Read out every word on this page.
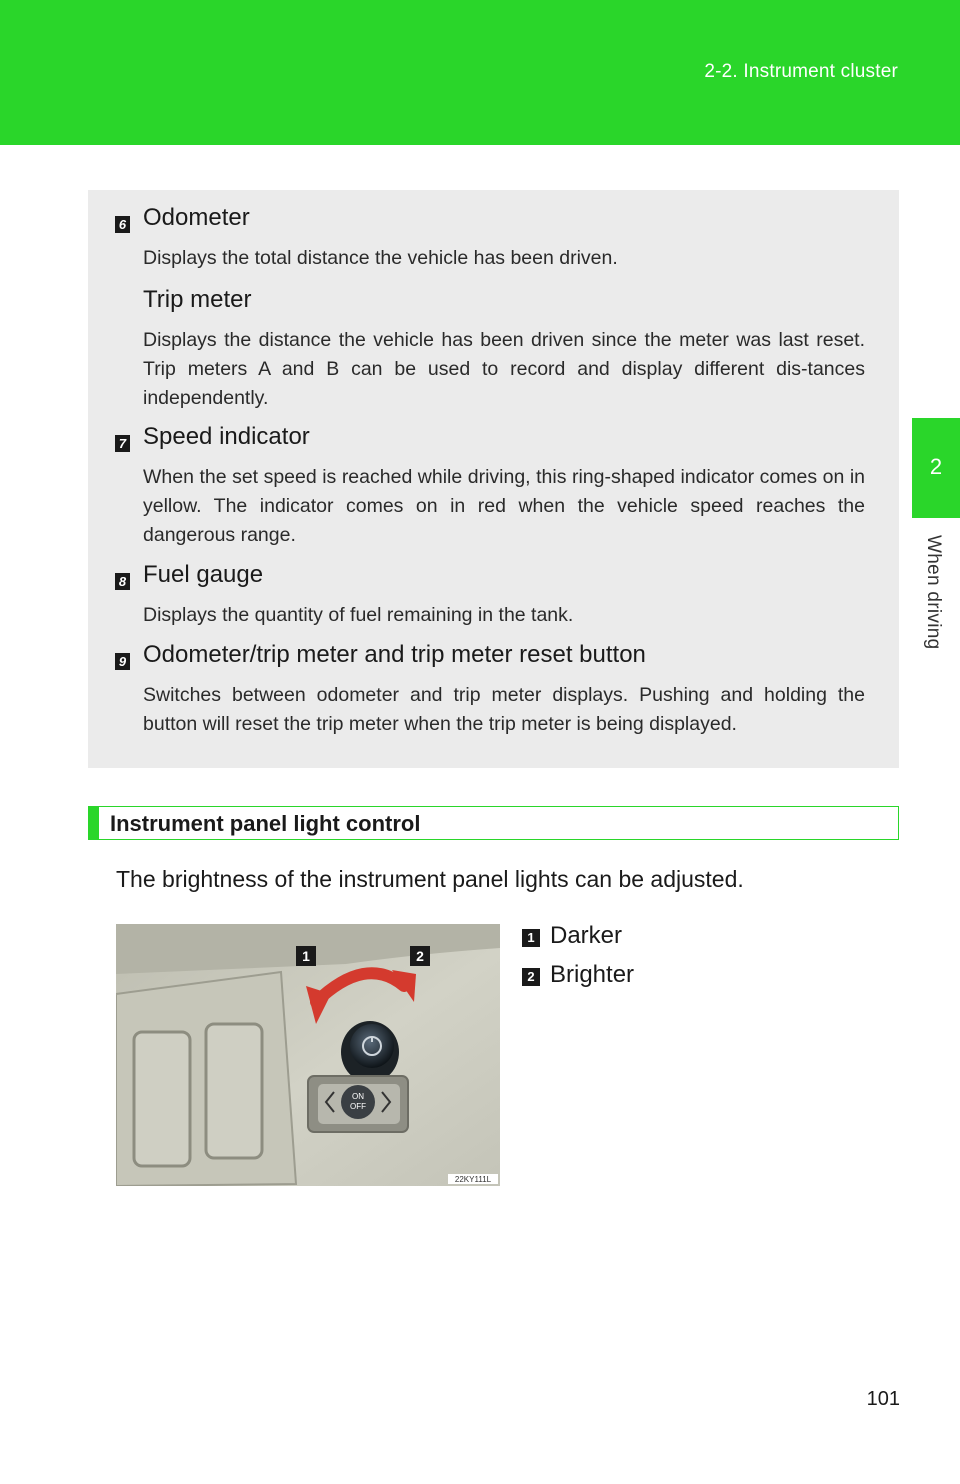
2-2. Instrument cluster
2
When driving
6 Odometer
Displays the total distance the vehicle has been driven.
Trip meter
Displays the distance the vehicle has been driven since the meter was last reset. Trip meters A and B can be used to record and display different dis-tances independently.
7 Speed indicator
When the set speed is reached while driving, this ring-shaped indicator comes on in yellow. The indicator comes on in red when the vehicle speed reaches the dangerous range.
8 Fuel gauge
Displays the quantity of fuel remaining in the tank.
9 Odometer/trip meter and trip meter reset button
Switches between odometer and trip meter displays. Pushing and holding the button will reset the trip meter when the trip meter is being displayed.
Instrument panel light control
The brightness of the instrument panel lights can be adjusted.
ON
OFF
1	2
22KY111L
1 Darker
2 Brighter
101
